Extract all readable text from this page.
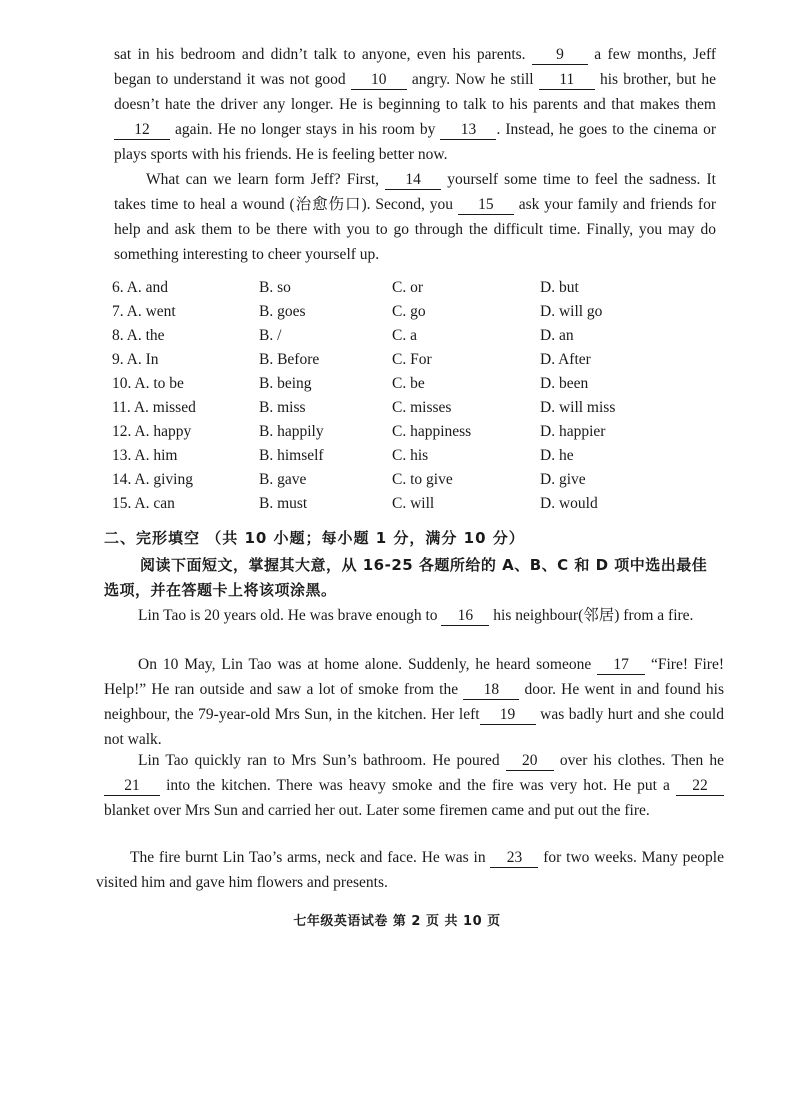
sat in his bedroom and didn’t talk to anyone, even his parents. 9 a few months, Jeff began to understand it was not good 10 angry. Now he still 11 his brother, but he doesn’t hate the driver any longer. He is beginning to talk to his parents and that makes them 12 again. He no longer stays in his room by 13 . Instead, he goes to the cinema or plays sports with his friends. He is feeling better now.

What can we learn form Jeff? First, 14 yourself some time to feel the sadness. It takes time to heal a wound (治愈伤口). Second, you 15 ask your family and friends for help and ask them to be there with you to go through the difficult time. Finally, you may do something interesting to cheer yourself up.

6. A. and	B. so	C. or	D. but
7. A. went	B. goes	C. go	D. will go
8. A. the	B. /	C. a	D. an
9. A. In	B. Before	C. For	D. After
10. A. to be	B. being	C. be	D. been
11. A. missed	B. miss	C. misses	D. will miss
12. A. happy	B. happily	C. happiness	D. happier
13. A. him	B. himself	C. his	D. he
14. A. giving	B. gave	C. to give	D. give
15. A. can	B. must	C. will	D. would
二、完形填空 （共 10 小题；每小题 1 分，满分 10 分）

阅读下面短文，掌握其大意，从 16-25 各题所给的 A、B、C 和 D 项中选出最佳选项，并在答题卡上将该项涂黑。

Lin Tao is 20 years old. He was brave enough to 16 his neighbour(邻居) from a fire.

On 10 May, Lin Tao was at home alone. Suddenly, he heard someone 17 “Fire! Fire! Help!” He ran outside and saw a lot of smoke from the 18 door. He went in and found his neighbour, the 79-year-old Mrs Sun, in the kitchen. Her left 19 was badly hurt and she could not walk.

Lin Tao quickly ran to Mrs Sun’s bathroom. He poured 20 over his clothes. Then he 21 into the kitchen. There was heavy smoke and the fire was very hot. He put a 22 blanket over Mrs Sun and carried her out. Later some firemen came and put out the fire.

The fire burnt Lin Tao’s arms, neck and face. He was in 23 for two weeks. Many people visited him and gave him flowers and presents.

七年级英语试卷 第 2 页 共 10 页
